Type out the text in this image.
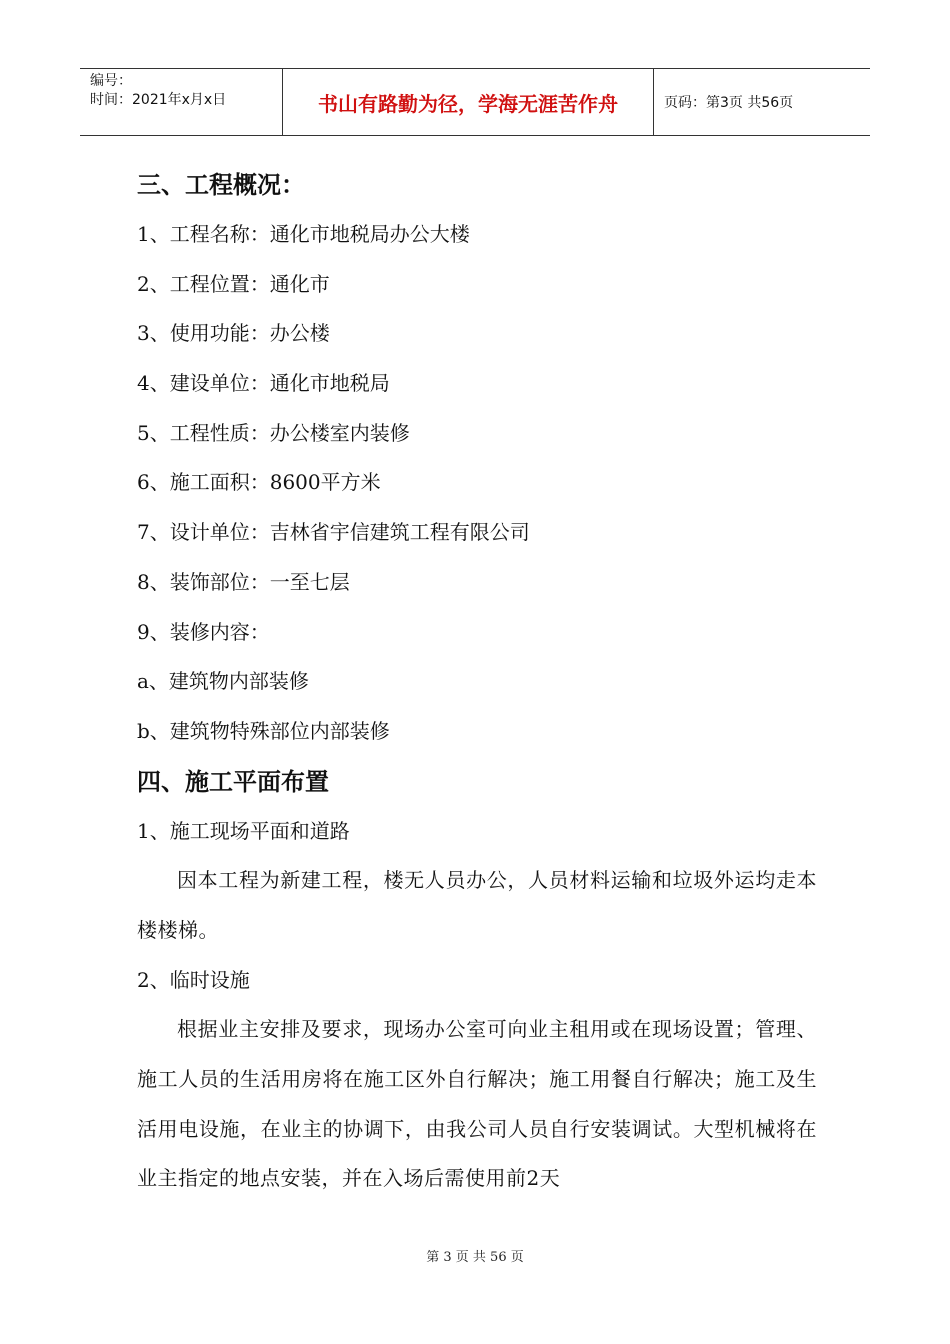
编号：
时间：2021年x月x日	书山有路勤为径，学海无涯苦作舟	页码：第3页 共56页
三、工程概况：
1、工程名称：通化市地税局办公大楼
2、工程位置：通化市
3、使用功能：办公楼
4、建设单位：通化市地税局
5、工程性质：办公楼室内装修
6、施工面积：8600平方米
7、设计单位：吉林省宇信建筑工程有限公司
8、装饰部位：一至七层
9、装修内容：
a、建筑物内部装修
b、建筑物特殊部位内部装修
四、施工平面布置
1、施工现场平面和道路

因本工程为新建工程，楼无人员办公，人员材料运输和垃圾外运均走本楼楼梯。

2、临时设施

根据业主安排及要求，现场办公室可向业主租用或在现场设置；管理、施工人员的生活用房将在施工区外自行解决；施工用餐自行解决；施工及生活用电设施，在业主的协调下，由我公司人员自行安装调试。大型机械将在业主指定的地点安装，并在入场后需使用前2天

第 3 页 共 56 页
